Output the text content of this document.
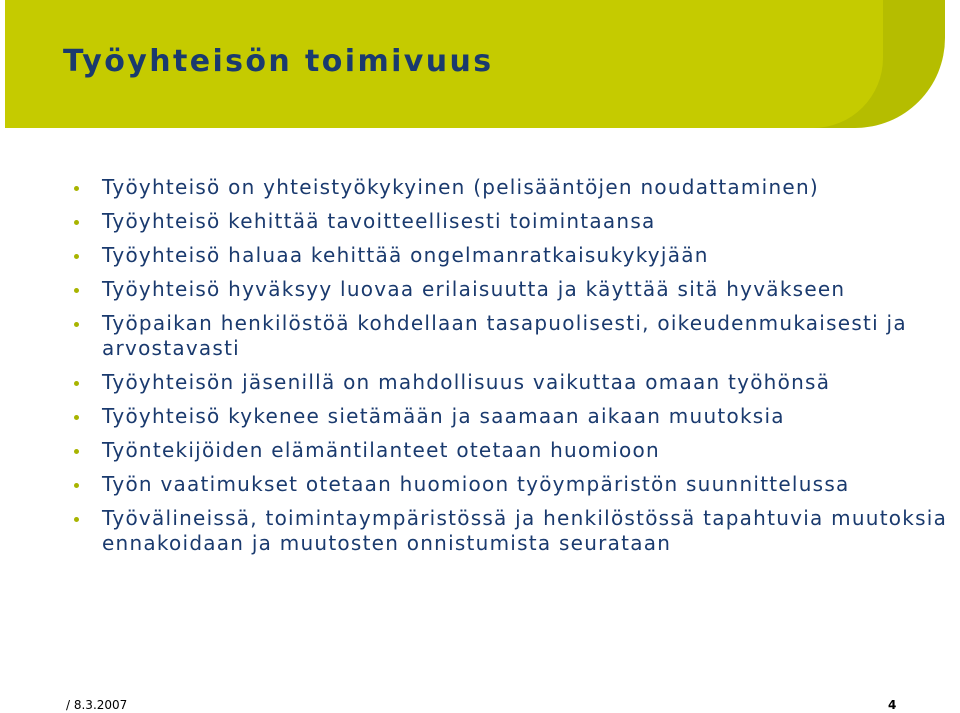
Työyhteisön toimivuus
Työyhteisö on yhteistyökykyinen (pelisääntöjen noudattaminen)
Työyhteisö kehittää tavoitteellisesti toimintaansa
Työyhteisö haluaa kehittää ongelmanratkaisukykyjään
Työyhteisö hyväksyy luovaa erilaisuutta ja käyttää sitä hyväkseen
Työpaikan henkilöstöä kohdellaan tasapuolisesti, oikeudenmukaisesti ja arvostavasti
Työyhteisön jäsenillä on mahdollisuus vaikuttaa omaan työhönsä
Työyhteisö kykenee sietämään ja saamaan aikaan muutoksia
Työntekijöiden elämäntilanteet otetaan huomioon
Työn vaatimukset otetaan huomioon työympäristön suunnittelussa
Työvälineissä, toimintaympäristössä ja henkilöstössä tapahtuvia muutoksia ennakoidaan ja muutosten onnistumista seurataan
/ 8.3.2007	4
